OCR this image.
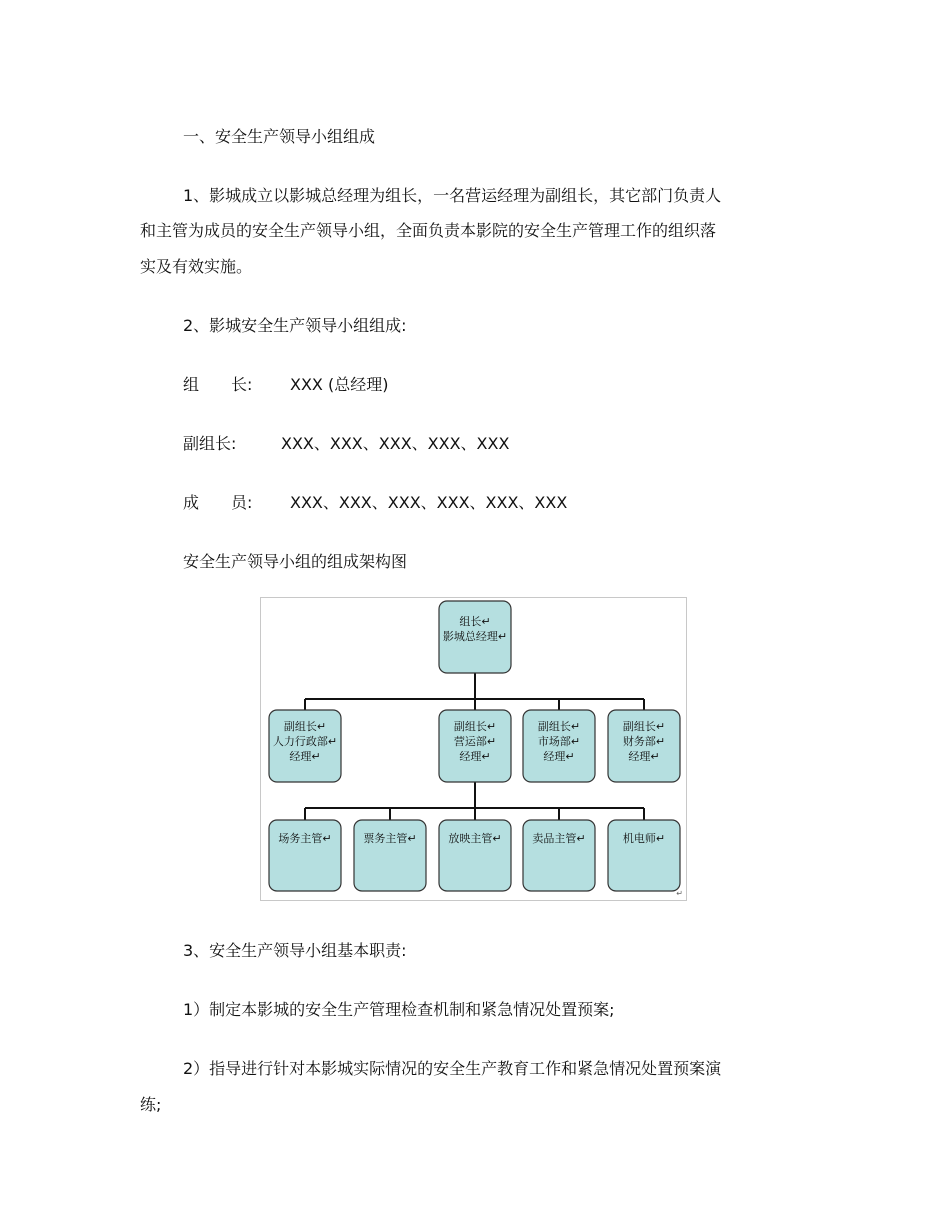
一、安全生产领导小组组成
1、影城成立以影城总经理为组长，一名营运经理为副组长，其它部门负责人
和主管为成员的安全生产领导小组，全面负责本影院的安全生产管理工作的组织落
实及有效实施。
2、影城安全生产领导小组组成:
组　　长: XXX (总经理)
副组长:	XXX、XXX、XXX、XXX、XXX
成　　员: XXX、XXX、XXX、XXX、XXX、XXX
安全生产领导小组的组成架构图
组长↵
影城总经理↵
副组长↵
人力行政部↵
经理↵
副组长↵
营运部↵
经理↵
副组长↵
市场部↵
经理↵
副组长↵
财务部↵
经理↵
场务主管↵	票务主管↵	放映主管↵	卖品主管↵	机电师↵
↵
3、安全生产领导小组基本职责:
1）制定本影城的安全生产管理检查机制和紧急情况处置预案;
2）指导进行针对本影城实际情况的安全生产教育工作和紧急情况处置预案演
练;
